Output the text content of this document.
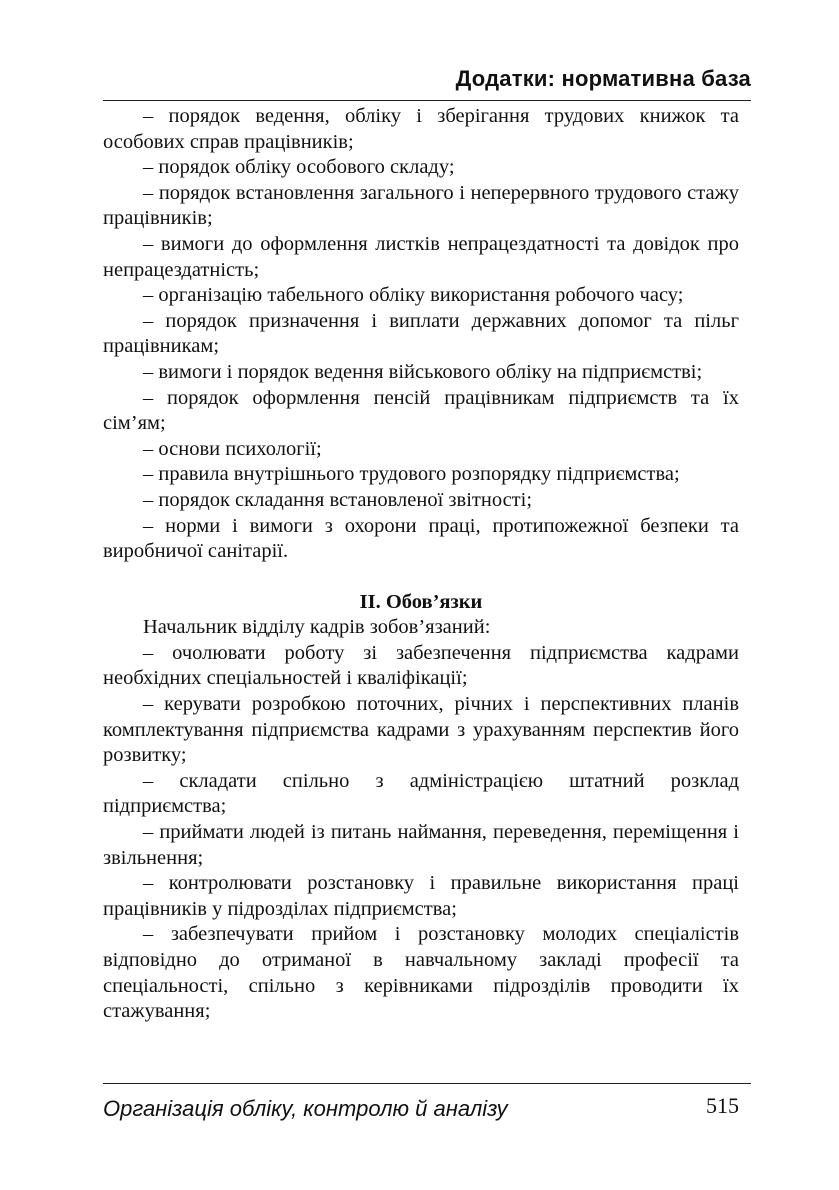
Додатки: нормативна база

– порядок ведення, обліку і зберігання трудових книжок та особових справ працівників;

– порядок обліку особового складу;

– порядок встановлення загального і неперервного трудового стажу працівників;

– вимоги до оформлення листків непрацездатності та довідок про непрацездатність;

– організацію табельного обліку використання робочого часу;

– порядок призначення і виплати державних допомог та пільг працівникам;

– вимоги і порядок ведення військового обліку на підприємстві;

– порядок оформлення пенсій працівникам підприємств та їх сім’ям;

– основи психології;

– правила внутрішнього трудового розпорядку підприємства;

– порядок складання встановленої звітності;

– норми і вимоги з охорони праці, протипожежної безпеки та виробничої санітарії.

ІІ. Обов’язки

Начальник відділу кадрів зобов’язаний:

– очолювати роботу зі забезпечення підприємства кадрами необхідних спеціальностей і кваліфікації;

– керувати розробкою поточних, річних і перспективних планів комплектування підприємства кадрами з урахуванням перспектив його розвитку;

– складати спільно з адміністрацією штатний розклад підприємства;

– приймати людей із питань наймання, переведення, переміщення і звільнення;

– контролювати розстановку і правильне використання праці працівників у підрозділах підприємства;

– забезпечувати прийом і розстановку молодих спеціалістів відповідно до отриманої в навчальному закладі професії та спеціальності, спільно з керівниками підрозділів проводити їх стажування;

Організація обліку, контролю й аналізу	515
